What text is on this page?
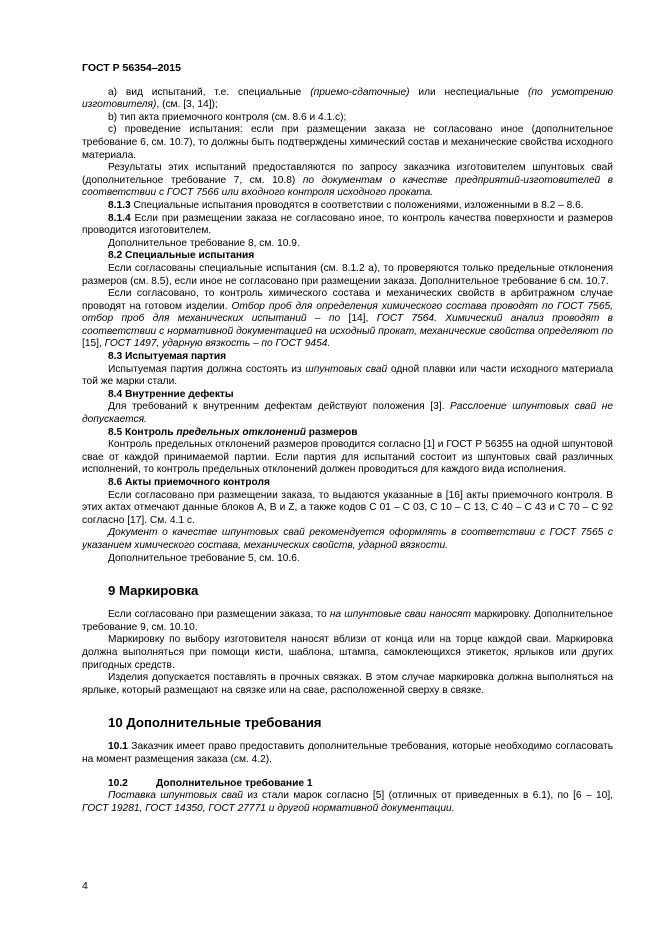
ГОСТ Р 56354–2015

а) вид испытаний, т.е. специальные (приемо-сдаточные) или неспециальные (по усмотрению изготовителя), (см. [3, 14]);

b) тип акта приемочного контроля (см. 8.6 и 4.1.c);

c) проведение испытания: если при размещении заказа не согласовано иное (дополнительное требование 6, см. 10.7), то должны быть подтверждены химический состав и механические свойства исходного материала.

Результаты этих испытаний предоставляются по запросу заказчика изготовителем шпунтовых свай (дополнительное требование 7, см. 10.8) по документам о качестве предприятий-изготовителей в соответствии с ГОСТ 7566 или входного контроля исходного проката.

8.1.3 Специальные испытания проводятся в соответствии с положениями, изложенными в 8.2 – 8.6.

8.1.4 Если при размещении заказа не согласовано иное, то контроль качества поверхности и размеров проводится изготовителем.

Дополнительное требование 8, см. 10.9.

8.2 Специальные испытания

Если согласованы специальные испытания (см. 8.1.2 а), то проверяются только предельные отклонения размеров (см. 8.5), если иное не согласовано при размещении заказа. Дополнительное требование 6 см. 10.7.

Если согласовано, то контроль химического состава и механических свойств в арбитражном случае проводят на готовом изделии. Отбор проб для определения химического состава проводят по ГОСТ 7565, отбор проб для механических испытаний – по [14], ГОСТ 7564. Химический анализ проводят в соответствии с нормативной документацией на исходный прокат, механические свойства определяют по [15], ГОСТ 1497, ударную вязкость – по ГОСТ 9454.

8.3 Испытуемая партия

Испытуемая партия должна состоять из шпунтовых свай одной плавки или части исходного материала той же марки стали.

8.4 Внутренние дефекты

Для требований к внутренним дефектам действуют положения [3]. Расслоение шпунтовых свай не допускается.

8.5 Контроль предельных отклонений размеров

Контроль предельных отклонений размеров проводится согласно [1] и ГОСТ Р 56355 на одной шпунтовой свае от каждой принимаемой партии. Если партия для испытаний состоит из шпунтовых свай различных исполнений, то контроль предельных отклонений должен проводиться для каждого вида исполнения.

8.6 Акты приемочного контроля

Если согласовано при размещении заказа, то выдаются указанные в [16] акты приемочного контроля. В этих актах отмечают данные блоков A, B и Z, а также кодов С 01 – С 03, С 10 – С 13, С 40 – С 43 и С 70 – С 92 согласно [17]. См. 4.1 с.

Документ о качестве шпунтовых свай рекомендуется оформлять в соответствии с ГОСТ 7565 с указанием химического состава, механических свойств, ударной вязкости.

Дополнительное требование 5, см. 10.6.

9 Маркировка

Если согласовано при размещении заказа, то на шпунтовые сваи наносят маркировку. Дополнительное требование 9, см. 10.10.

Маркировку по выбору изготовителя наносят вблизи от конца или на торце каждой сваи. Маркировка должна выполняться при помощи кисти, шаблона, штампа, самоклеющихся этикеток, ярлыков или других пригодных средств.

Изделия допускается поставлять в прочных связках. В этом случае маркировка должна выполняться на ярлыке, который размещают на связке или на свае, расположенной сверху в связке.

10 Дополнительные требования

10.1 Заказчик имеет право предоставить дополнительные требования, которые необходимо согласовать на момент размещения заказа (см. 4.2).

10.2	Дополнительное требование 1

Поставка шпунтовых свай из стали марок согласно [5] (отличных от приведенных в 6.1), по [6 – 10], ГОСТ 19281, ГОСТ 14350, ГОСТ 27771 и другой нормативной документации.

4
